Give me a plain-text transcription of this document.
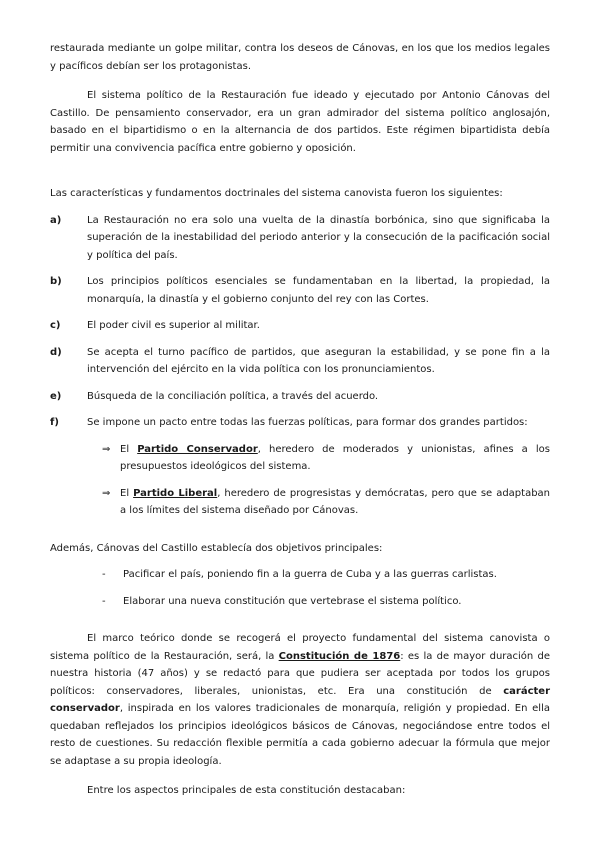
restaurada mediante un golpe militar, contra los deseos de Cánovas, en los que los medios legales y pacíficos debían ser los protagonistas.

El sistema político de la Restauración fue ideado y ejecutado por Antonio Cánovas del Castillo. De pensamiento conservador, era un gran admirador del sistema político anglosajón, basado en el bipartidismo o en la alternancia de dos partidos. Este régimen bipartidista debía permitir una convivencia pacífica entre gobierno y oposición.

Las características y fundamentos doctrinales del sistema canovista fueron los siguientes:

a)	La Restauración no era solo una vuelta de la dinastía borbónica, sino que significaba la superación de la inestabilidad del periodo anterior y la consecución de la pacificación social y política del país.
b)	Los principios políticos esenciales se fundamentaban en la libertad, la propiedad, la monarquía, la dinastía y el gobierno conjunto del rey con las Cortes.
c)	El poder civil es superior al militar.
d)	Se acepta el turno pacífico de partidos, que aseguran la estabilidad, y se pone fin a la intervención del ejército en la vida política con los pronunciamientos.
e)	Búsqueda de la conciliación política, a través del acuerdo.
f)	Se impone un pacto entre todas las fuerzas políticas, para formar dos grandes partidos:
⇒ El Partido Conservador, heredero de moderados y unionistas, afines a los presupuestos ideológicos del sistema.
⇒ El Partido Liberal, heredero de progresistas y demócratas, pero que se adaptaban a los límites del sistema diseñado por Cánovas.

Además, Cánovas del Castillo establecía dos objetivos principales:

-	Pacificar el país, poniendo fin a la guerra de Cuba y a las guerras carlistas.
-	Elaborar una nueva constitución que vertebrase el sistema político.

El marco teórico donde se recogerá el proyecto fundamental del sistema canovista o sistema político de la Restauración, será, la Constitución de 1876: es la de mayor duración de nuestra historia (47 años) y se redactó para que pudiera ser aceptada por todos los grupos políticos: conservadores, liberales, unionistas, etc. Era una constitución de carácter conservador, inspirada en los valores tradicionales de monarquía, religión y propiedad. En ella quedaban reflejados los principios ideológicos básicos de Cánovas, negociándose entre todos el resto de cuestiones. Su redacción flexible permitía a cada gobierno adecuar la fórmula que mejor se adaptase a su propia ideología.

Entre los aspectos principales de esta constitución destacaban:
